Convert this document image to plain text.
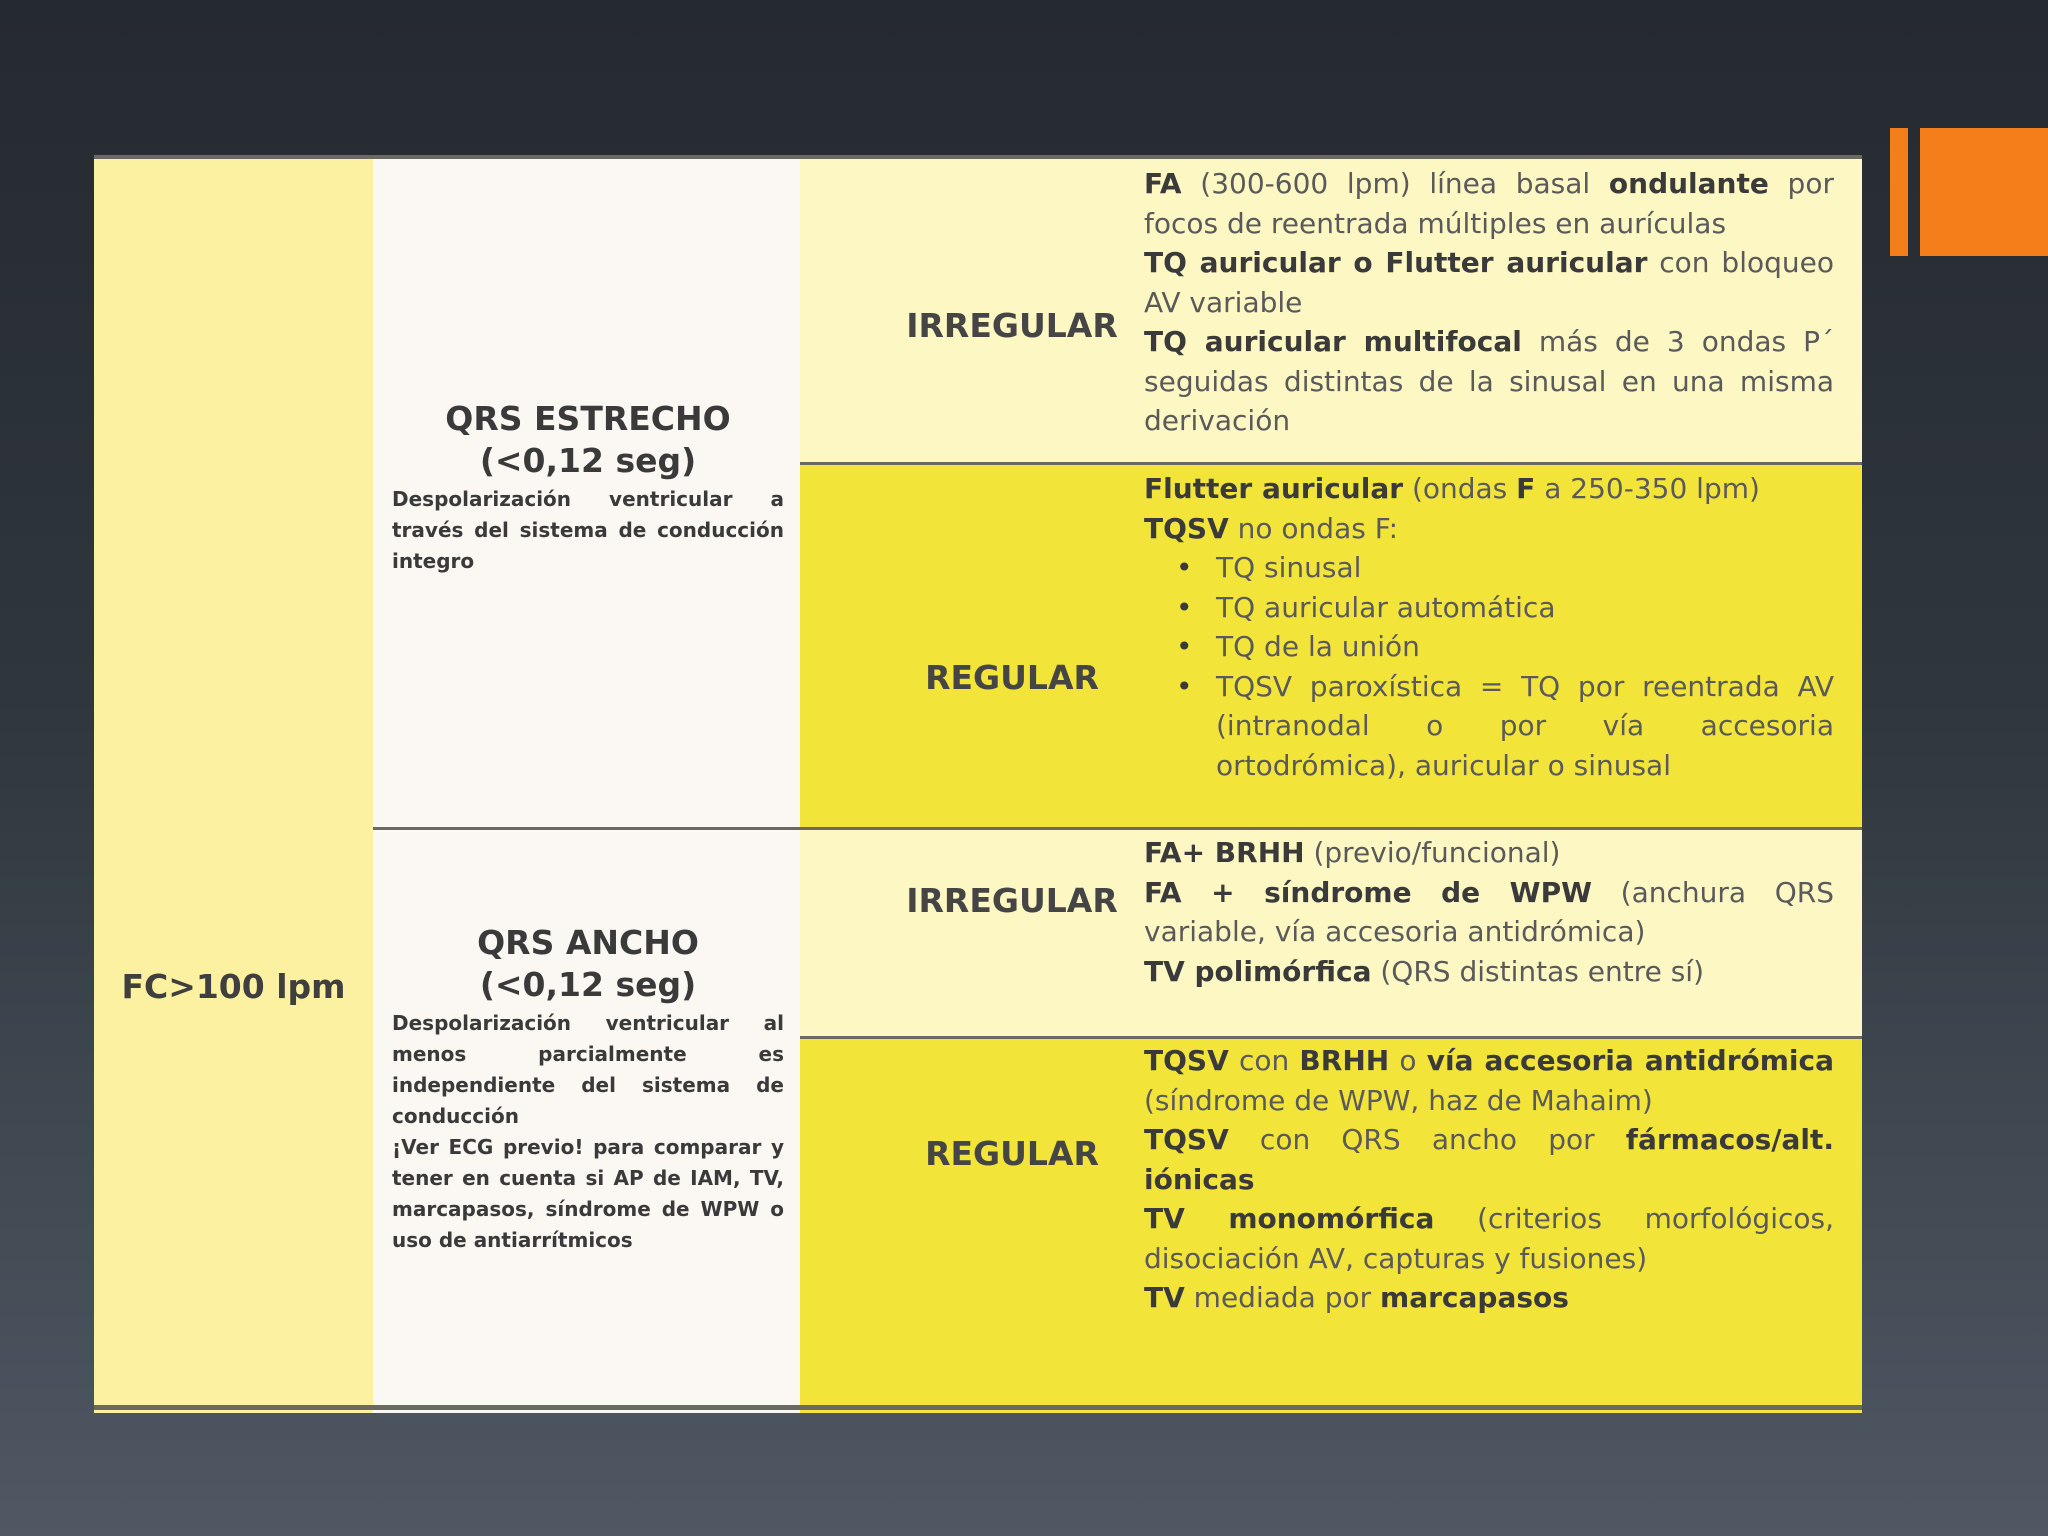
FC>100 lpm
QRS ESTRECHO
(<0,12 seg)
Despolarización ventricular a través del sistema de conducción integro
QRS ANCHO
(<0,12 seg)
Despolarización ventricular al menos parcialmente es independiente del sistema de conducción
¡Ver ECG previo! para comparar y tener en cuenta si AP de IAM, TV, marcapasos, síndrome de WPW o uso de antiarrítmicos
IRREGULAR
REGULAR
IRREGULAR
REGULAR

FA (300-600 lpm) línea basal ondulante por focos de reentrada múltiples en aurículas

TQ auricular o Flutter auricular con bloqueo AV variable

TQ auricular multifocal más de 3 ondas P´ seguidas distintas de la sinusal en una misma derivación

Flutter auricular (ondas F a 250-350 lpm)

TQSV no ondas F:

• TQ sinusal
• TQ auricular automática
• TQ de la unión
• TQSV paroxística = TQ por reentrada AV (intranodal o por vía accesoria ortodrómica), auricular o sinusal

FA+ BRHH (previo/funcional)

FA + síndrome de WPW (anchura QRS variable, vía accesoria antidrómica)

TV polimórfica (QRS distintas entre sí)

TQSV con BRHH o vía accesoria antidrómica (síndrome de WPW, haz de Mahaim)

TQSV con QRS ancho por fármacos/alt. iónicas

TV monomórfica (criterios morfológicos, disociación AV, capturas y fusiones)

TV mediada por marcapasos
